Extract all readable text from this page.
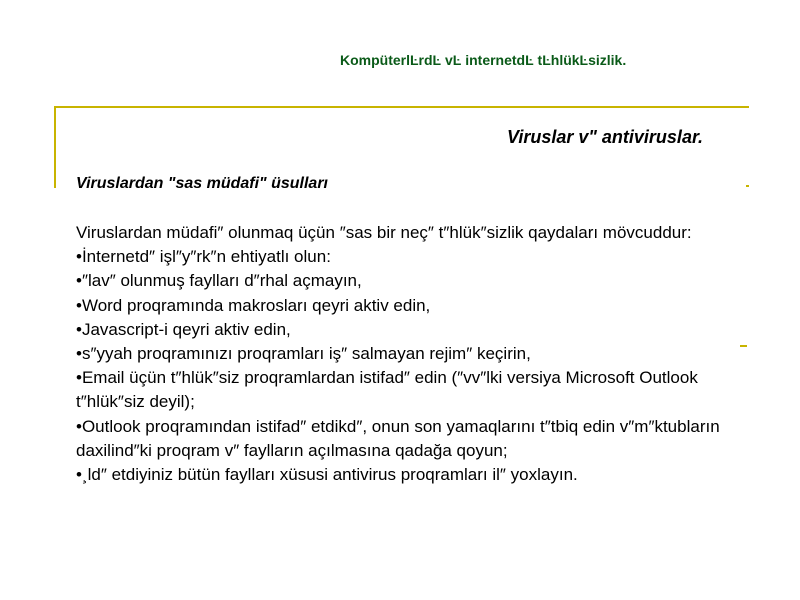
KompüterlĿrdĿ vĿ internetdĿ tĿhlükĿsizlik.
Viruslar v" antiviruslar.
Viruslardan "sas müdafi" üsulları

Viruslardan müdafi″ olunmaq üçün ″sas bir neç″ t″hlük″sizlik qaydaları mövcuddur:

•İnternetd″ işl″y″rk″n ehtiyatlı olun:

•″lav″ olunmuş faylları d″rhal açmayın,

•Word proqramında makrosları qeyri aktiv edin,

•Javascript-i qeyri aktiv edin,

•s″yyah proqramınızı proqramları iş″ salmayan rejim″ keçirin,

•Email üçün t″hlük″siz proqramlardan istifad″ edin (″vv″lki versiya Microsoft Outlook t″hlük″siz deyil);

•Outlook proqramından istifad″ etdikd″, onun son yamaqlarını t″tbiq edin v″m″ktubların daxilind″ki proqram v″ faylların açılmasına qadağa qoyun;

•¸ld″ etdiyiniz bütün faylları xüsusi antivirus proqramları il″ yoxlayın.
